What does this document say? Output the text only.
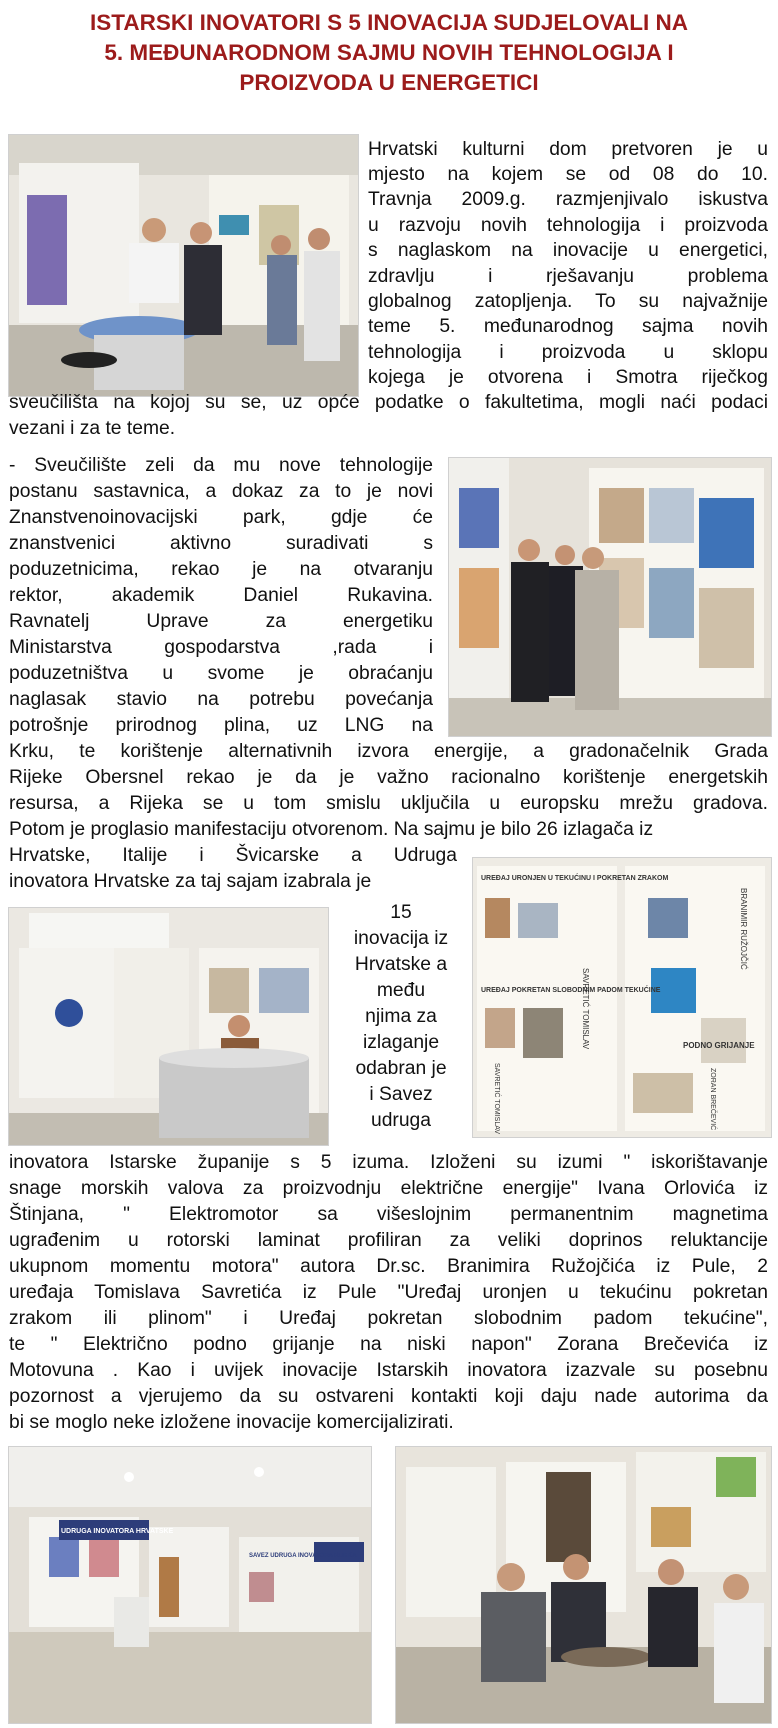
ISTARSKI INOVATORI S 5 INOVACIJA SUDJELOVALI NA
5. MEĐUNARODNOM SAJMU NOVIH TEHNOLOGIJA I
PROIZVODA U ENERGETICI

Hrvatski kulturni dom pretvoren je u

mjesto na kojem se od 08 do 10.

Travnja 2009.g. razmjenjivalo iskustva

u razvoju novih tehnologija i proizvoda

s naglaskom na inovacije u energetici,

zdravlju i rješavanju problema

globalnog zatopljenja. To su najvažnije

teme 5. međunarodnog sajma novih

tehnologija i proizvoda u sklopu

kojega je otvorena i Smotra riječkog

sveučilišta na kojoj su se, uz opće podatke o fakultetima, mogli naći podaci

vezani i za te teme.

- Sveučilište zeli da mu nove tehnologije

postanu sastavnica, a dokaz za to je novi

Znanstvenoinovacijski park, gdje će

znanstvenici aktivno suradivati s

poduzetnicima, rekao je na otvaranju

rektor, akademik Daniel Rukavina.

Ravnatelj Uprave za energetiku

Ministarstva gospodarstva ,rada i

poduzetništva u svome je obraćanju

naglasak stavio na potrebu povećanja

potrošnje prirodnog plina, uz LNG na

Krku, te korištenje alternativnih izvora energije, a gradonačelnik Grada

Rijeke Obersnel rekao je da je važno racionalno korištenje energetskih

resursa, a Rijeka se u tom smislu uključila u europsku mrežu gradova.

Potom je proglasio manifestaciju otvorenom. Na sajmu je bilo 26 izlagača iz

Hrvatske, Italije i Švicarske a Udruga

inovatora Hrvatske za taj sajam izabrala je

15

inovacija iz

Hrvatske a

među

njima za

izlaganje

odabran je

i Savez

udruga

UREĐAJ URONJEN U TEKUĆINU I POKRETAN ZRAKOM
UREĐAJ POKRETAN SLOBODNIM PADOM TEKUĆINE
PODNO GRIJANJE
SAVRETIĆ TOMISLAV
BRANIMIR RUŽOJČIĆ
SAVRETIĆ TOMISLAV	ZORAN BREČEVIĆ

inovatora Istarske županije s 5 izuma. Izloženi su izumi " iskorištavanje

snage morskih valova za proizvodnju električne energije" Ivana Orlovića iz

Štinjana, " Elektromotor sa višeslojnim permanentnim magnetima

ugrađenim u rotorski laminat profiliran za veliki doprinos reluktancije

ukupnom momentu motora" autora Dr.sc. Branimira Ružojčića iz Pule, 2

uređaja Tomislava Savretića iz Pule "Uređaj uronjen u tekućinu pokretan

zrakom ili plinom" i Uređaj pokretan slobodnim padom tekućine",

te " Električno podno grijanje na niski napon" Zorana Brečevića iz

Motovuna . Kao i uvijek inovacije Istarskih inovatora izazvale su posebnu

pozornost a vjerujemo da su ostvareni kontakti koji daju nade autorima da

bi se moglo neke izložene inovacije komercijalizirati.

UDRUGA INOVATORA HRVATSKE
SAVEZ UDRUGA INOVATORA RIJEKA
